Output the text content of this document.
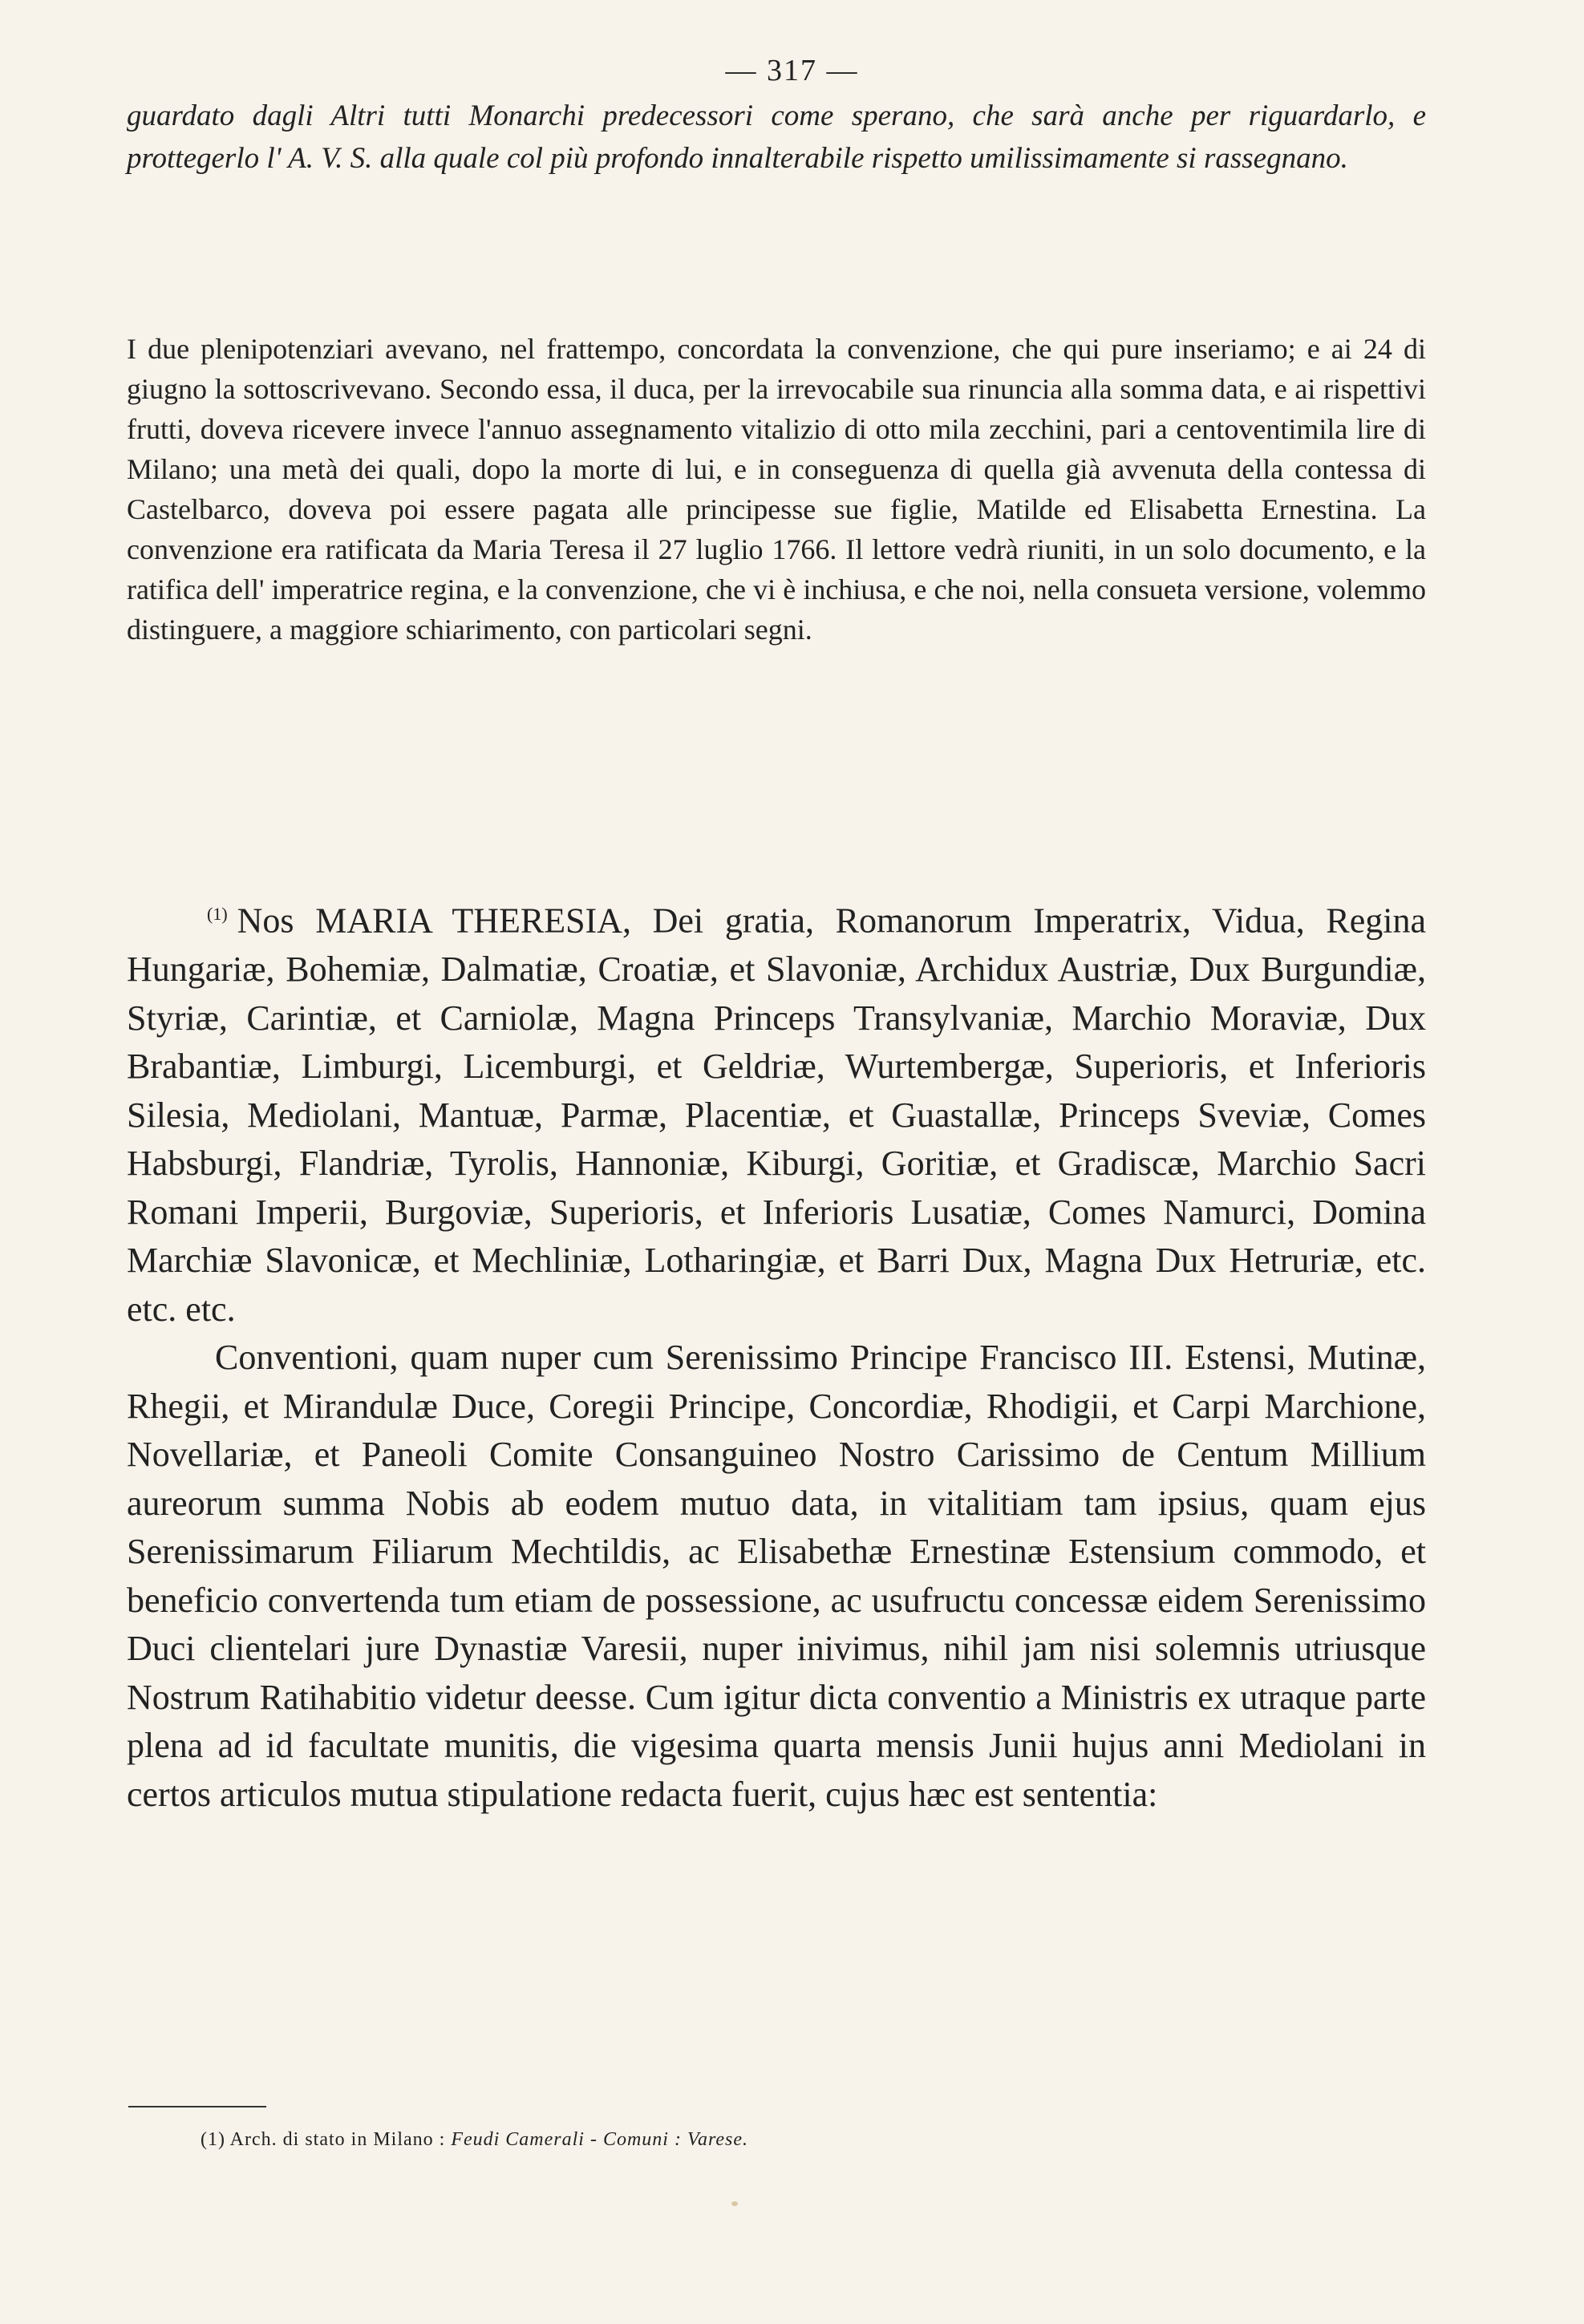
— 317 —

guardato dagli Altri tutti Monarchi predecessori come sperano, che sarà anche per riguardarlo, e prottegerlo l' A. V. S. alla quale col più profondo innalterabile rispetto umilissimamente si rassegnano.

I due plenipotenziari avevano, nel frattempo, concordata la convenzione, che qui pure inseriamo; e ai 24 di giugno la sottoscrivevano. Secondo essa, il duca, per la irrevocabile sua rinuncia alla somma data, e ai rispettivi frutti, doveva ricevere invece l'annuo assegnamento vitalizio di otto mila zecchini, pari a centoventimila lire di Milano; una metà dei quali, dopo la morte di lui, e in conseguenza di quella già avvenuta della contessa di Castelbarco, doveva poi essere pagata alle principesse sue figlie, Matilde ed Elisabetta Ernestina. La convenzione era ratificata da Maria Teresa il 27 luglio 1766. Il lettore vedrà riuniti, in un solo documento, e la ratifica dell' imperatrice regina, e la convenzione, che vi è inchiusa, e che noi, nella consueta versione, volemmo distinguere, a maggiore schiarimento, con particolari segni.

$^{(1)}$ Nos MARIA THERESIA, Dei gratia, Romanorum Imperatrix, Vidua, Regina Hungariæ, Bohemiæ, Dalmatiæ, Croatiæ, et Slavoniæ, Archidux Austriæ, Dux Burgundiæ, Styriæ, Carintiæ, et Carniolæ, Magna Princeps Transylvaniæ, Marchio Moraviæ, Dux Brabantiæ, Limburgi, Licemburgi, et Geldriæ, Wurtembergæ, Superioris, et Inferioris Silesia, Mediolani, Mantuæ, Parmæ, Placentiæ, et Guastallæ, Princeps Sveviæ, Comes Habsburgi, Flandriæ, Tyrolis, Hannoniæ, Kiburgi, Goritiæ, et Gradiscæ, Marchio Sacri Romani Imperii, Burgoviæ, Superioris, et Inferioris Lusatiæ, Comes Namurci, Domina Marchiæ Slavonicæ, et Mechliniæ, Lotharingiæ, et Barri Dux, Magna Dux Hetruriæ, etc. etc. etc.

Conventioni, quam nuper cum Serenissimo Principe Francisco III. Estensi, Mutinæ, Rhegii, et Mirandulæ Duce, Coregii Principe, Concordiæ, Rhodigii, et Carpi Marchione, Novellariæ, et Paneoli Comite Consanguineo Nostro Carissimo de Centum Millium aureorum summa Nobis ab eodem mutuo data, in vitalitiam tam ipsius, quam ejus Serenissimarum Filiarum Mechtildis, ac Elisabethæ Ernestinæ Estensium commodo, et beneficio convertenda tum etiam de possessione, ac usufructu concessæ eidem Serenissimo Duci clientelari jure Dynastiæ Varesii, nuper inivimus, nihil jam nisi solemnis utriusque Nostrum Ratihabitio videtur deesse. Cum igitur dicta conventio a Ministris ex utraque parte plena ad id facultate munitis, die vigesima quarta mensis Junii hujus anni Mediolani in certos articulos mutua stipulatione redacta fuerit, cujus hæc est sententia:

(1) Arch. di stato in Milano : Feudi Camerali - Comuni : Varese.
